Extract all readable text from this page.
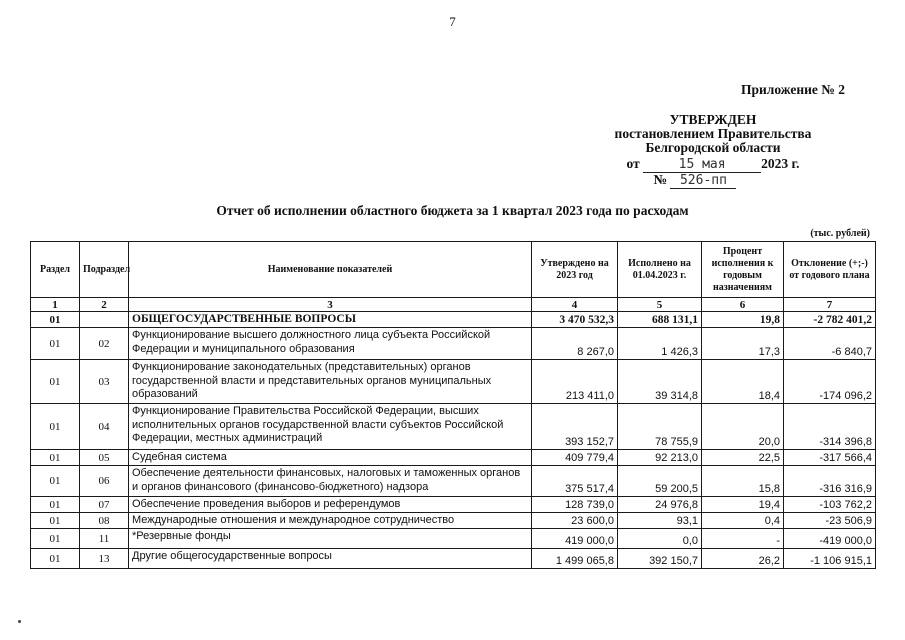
7
Приложение № 2
УТВЕРЖДЕН
постановлением Правительства
Белгородской области
от	15 мая	2023 г.
№ 526-пп
Отчет об исполнении областного бюджета за 1 квартал 2023 года по расходам
(тыс. рублей)
Раздел	Подраздел	Наименование показателей	Утверждено на 2023 год	Исполнено на 01.04.2023 г.	Процент исполнения к годовым назначениям	Отклонение (+;-) от годового плана
1	2	3	4	5	6	7
01		ОБЩЕГОСУДАРСТВЕННЫЕ ВОПРОСЫ	3 470 532,3	688 131,1	19,8	-2 782 401,2
01	02	Функционирование высшего должностного лица субъекта Российской Федерации и муниципального образования	8 267,0	1 426,3	17,3	-6 840,7
01	03	Функционирование законодательных (представительных) органов государственной власти и представительных органов муниципальных образований	213 411,0	39 314,8	18,4	-174 096,2
01	04	Функционирование Правительства Российской Федерации, высших исполнительных органов государственной власти субъектов Российской Федерации, местных администраций	393 152,7	78 755,9	20,0	-314 396,8
01	05	Судебная система	409 779,4	92 213,0	22,5	-317 566,4
01	06	Обеспечение деятельности финансовых, налоговых и таможенных органов и органов финансового (финансово-бюджетного) надзора	375 517,4	59 200,5	15,8	-316 316,9
01	07	Обеспечение проведения выборов и референдумов	128 739,0	24 976,8	19,4	-103 762,2
01	08	Международные отношения и международное сотрудничество	23 600,0	93,1	0,4	-23 506,9
01	11	*Резервные фонды	419 000,0	0,0	-	-419 000,0
01	13	Другие общегосударственные вопросы	1 499 065,8	392 150,7	26,2	-1 106 915,1
